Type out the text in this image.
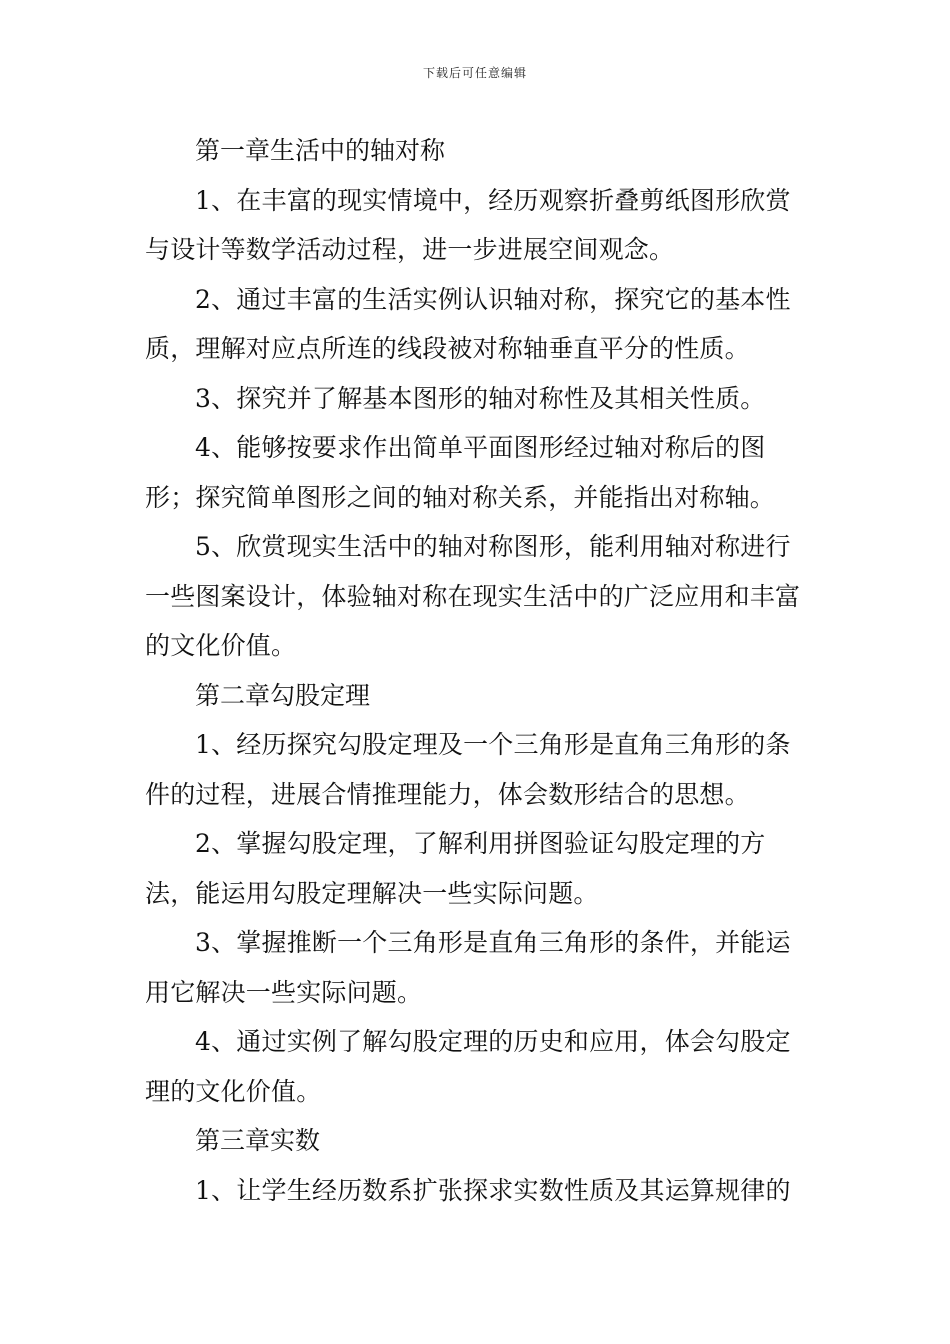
下载后可任意编辑

第一章生活中的轴对称

1、在丰富的现实情境中，经历观察折叠剪纸图形欣赏与设计等数学活动过程，进一步进展空间观念。

2、通过丰富的生活实例认识轴对称，探究它的基本性质，理解对应点所连的线段被对称轴垂直平分的性质。

3、探究并了解基本图形的轴对称性及其相关性质。

4、能够按要求作出简单平面图形经过轴对称后的图形；探究简单图形之间的轴对称关系，并能指出对称轴。

5、欣赏现实生活中的轴对称图形，能利用轴对称进行一些图案设计，体验轴对称在现实生活中的广泛应用和丰富的文化价值。

第二章勾股定理

1、经历探究勾股定理及一个三角形是直角三角形的条件的过程，进展合情推理能力，体会数形结合的思想。

2、掌握勾股定理，了解利用拼图验证勾股定理的方法，能运用勾股定理解决一些实际问题。

3、掌握推断一个三角形是直角三角形的条件，并能运用它解决一些实际问题。

4、通过实例了解勾股定理的历史和应用，体会勾股定理的文化价值。

第三章实数

1、让学生经历数系扩张探求实数性质及其运算规律的
